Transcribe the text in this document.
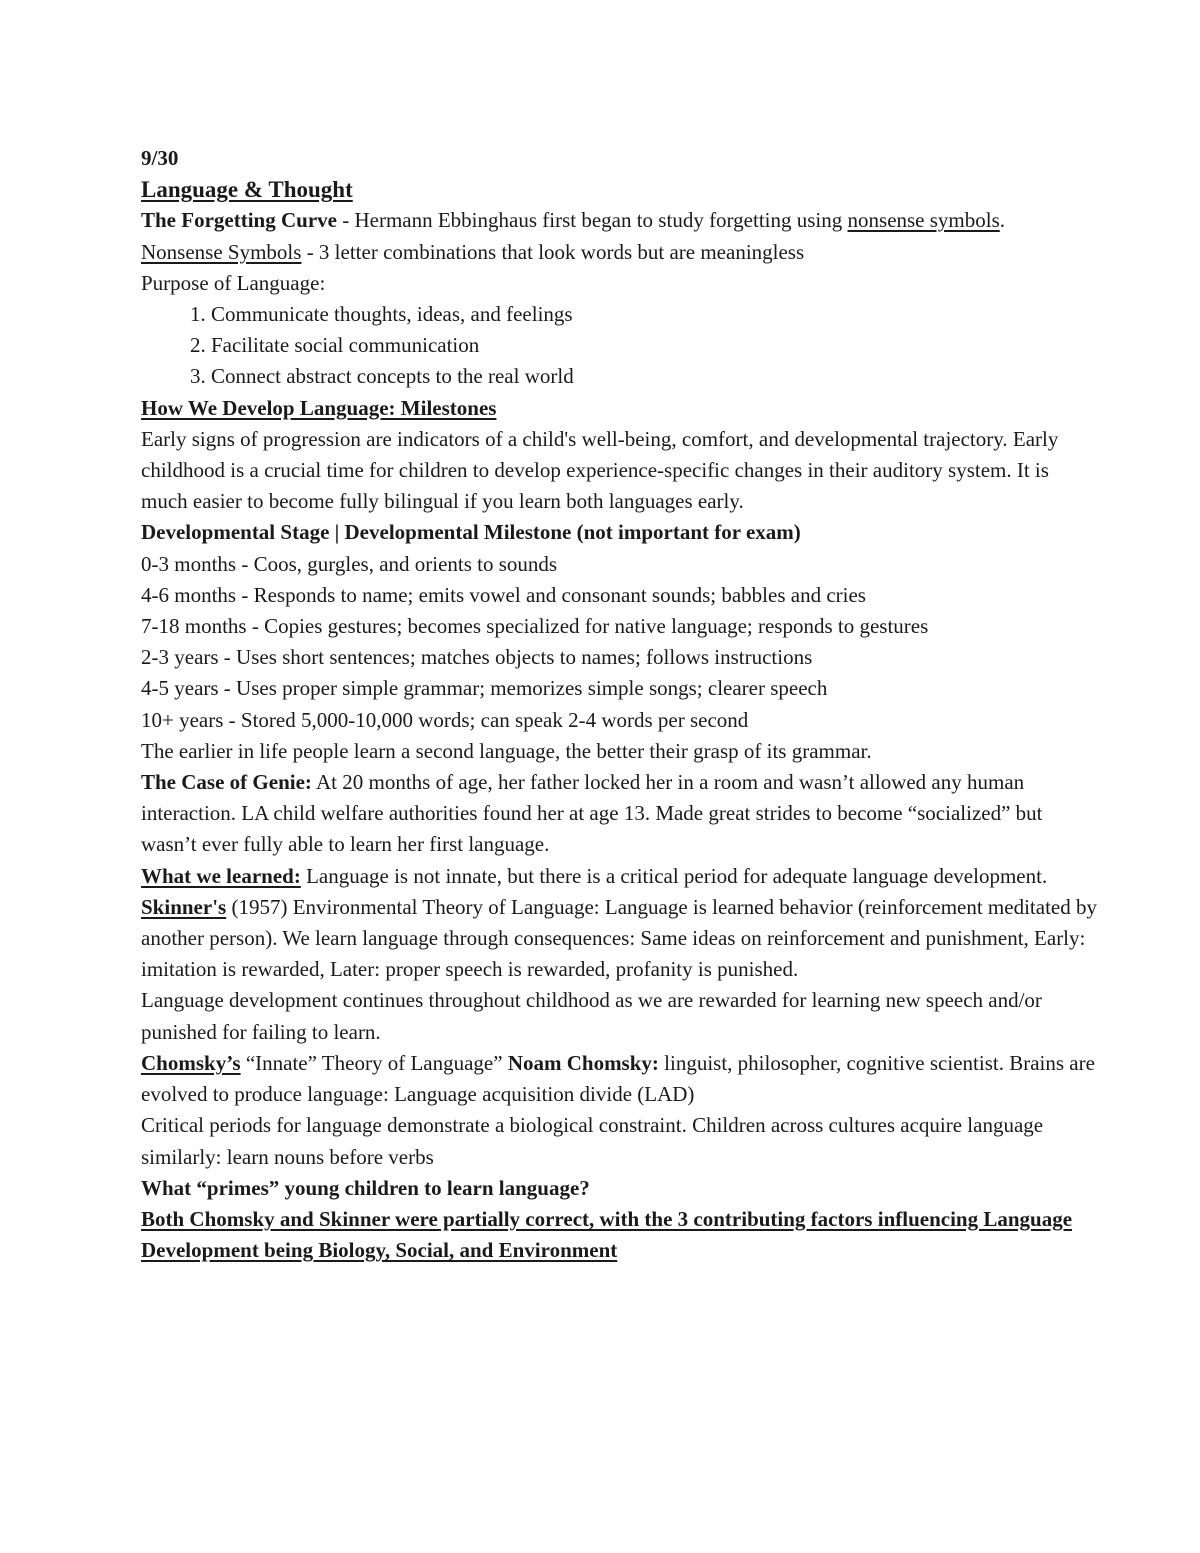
9/30

Language & Thought

The Forgetting Curve - Hermann Ebbinghaus first began to study forgetting using nonsense symbols.

Nonsense Symbols - 3 letter combinations that look words but are meaningless

Purpose of Language:

1. Communicate thoughts, ideas, and feelings
2. Facilitate social communication
3. Connect abstract concepts to the real world

How We Develop Language: Milestones

Early signs of progression are indicators of a child's well-being, comfort, and developmental trajectory. Early childhood is a crucial time for children to develop experience-specific changes in their auditory system. It is much easier to become fully bilingual if you learn both languages early.

Developmental Stage | Developmental Milestone (not important for exam)

0-3 months - Coos, gurgles, and orients to sounds

4-6 months - Responds to name; emits vowel and consonant sounds; babbles and cries

7-18 months - Copies gestures; becomes specialized for native language; responds to gestures

2-3 years - Uses short sentences; matches objects to names; follows instructions

4-5 years - Uses proper simple grammar; memorizes simple songs; clearer speech

10+ years - Stored 5,000-10,000 words; can speak 2-4 words per second

The earlier in life people learn a second language, the better their grasp of its grammar.

The Case of Genie: At 20 months of age, her father locked her in a room and wasn’t allowed any human interaction. LA child welfare authorities found her at age 13. Made great strides to become “socialized” but wasn’t ever fully able to learn her first language.

What we learned: Language is not innate, but there is a critical period for adequate language development.

Skinner's (1957) Environmental Theory of Language: Language is learned behavior (reinforcement meditated by another person). We learn language through consequences: Same ideas on reinforcement and punishment, Early: imitation is rewarded, Later: proper speech is rewarded, profanity is punished.

Language development continues throughout childhood as we are rewarded for learning new speech and/or punished for failing to learn.

Chomsky’s “Innate” Theory of Language” Noam Chomsky: linguist, philosopher, cognitive scientist. Brains are evolved to produce language: Language acquisition divide (LAD)

Critical periods for language demonstrate a biological constraint. Children across cultures acquire language similarly: learn nouns before verbs

What “primes” young children to learn language?

Both Chomsky and Skinner were partially correct, with the 3 contributing factors influencing Language Development being Biology, Social, and Environment
